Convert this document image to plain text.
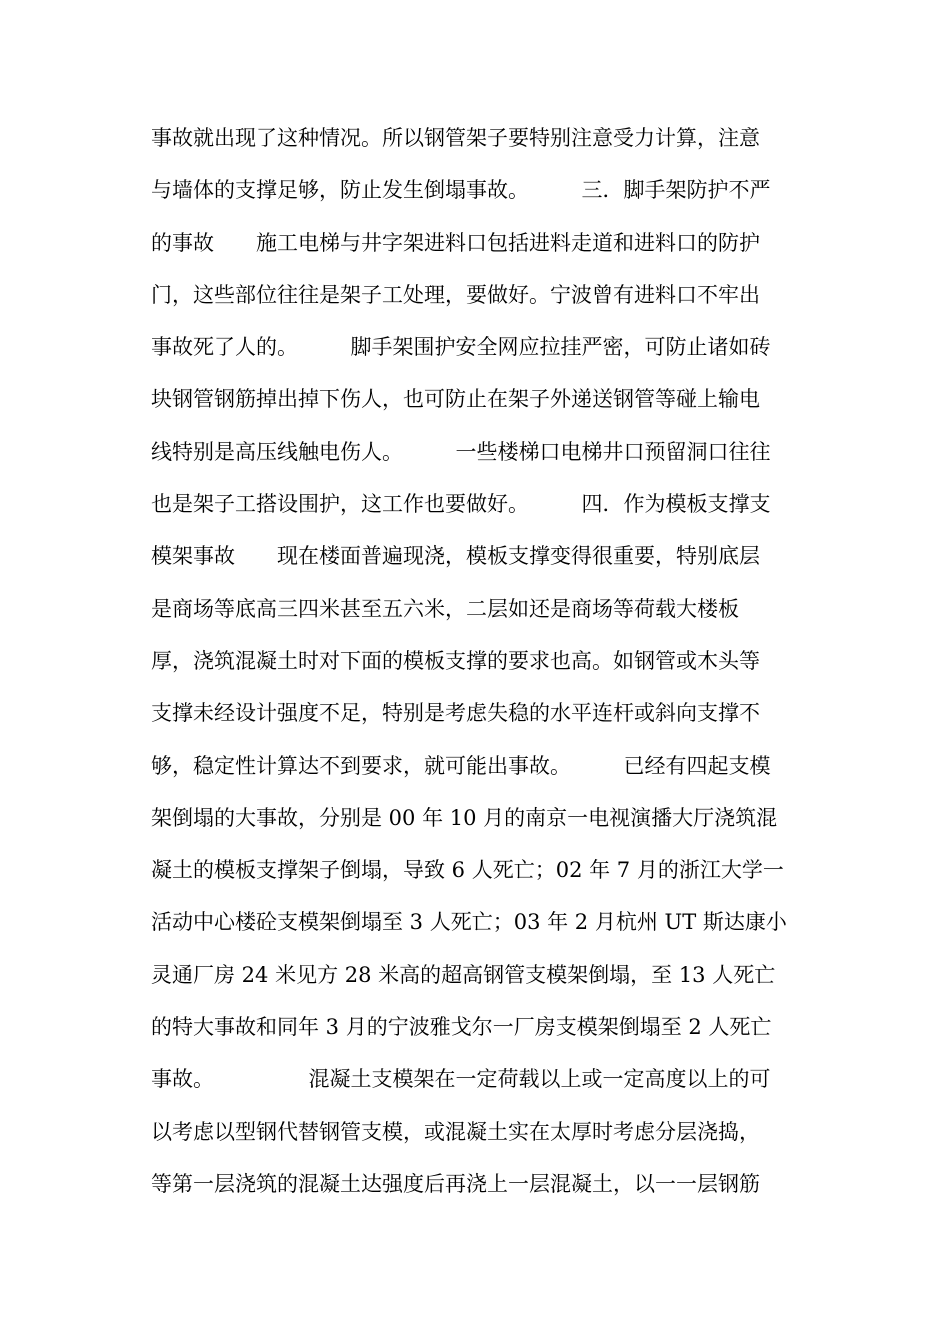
事故就出现了这种情况。所以钢管架子要特别注意受力计算，注意
与墙体的支撑足够，防止发生倒塌事故。　　　三．脚手架防护不严
的事故　　施工电梯与井字架进料口包括进料走道和进料口的防护
门，这些部位往往是架子工处理，要做好。宁波曾有进料口不牢出
事故死了人的。　　　脚手架围护安全网应拉挂严密，可防止诸如砖
块钢管钢筋掉出掉下伤人，也可防止在架子外递送钢管等碰上输电
线特别是高压线触电伤人。　　　一些楼梯口电梯井口预留洞口往往
也是架子工搭设围护，这工作也要做好。　　　四．作为模板支撑支
模架事故　　现在楼面普遍现浇，模板支撑变得很重要，特别底层
是商场等底高三四米甚至五六米，二层如还是商场等荷载大楼板
厚，浇筑混凝土时对下面的模板支撑的要求也高。如钢管或木头等
支撑未经设计强度不足，特别是考虑失稳的水平连杆或斜向支撑不
够，稳定性计算达不到要求，就可能出事故。　　　已经有四起支模
架倒塌的大事故，分别是 00 年 10 月的南京一电视演播大厅浇筑混
凝土的模板支撑架子倒塌，导致 6 人死亡；02 年 7 月的浙江大学一
活动中心楼砼支模架倒塌至 3 人死亡；03 年 2 月杭州 UT 斯达康小
灵通厂房 24 米见方 28 米高的超高钢管支模架倒塌，至 13 人死亡
的特大事故和同年 3 月的宁波雅戈尔一厂房支模架倒塌至 2 人死亡
事故。　　　　　混凝土支模架在一定荷载以上或一定高度以上的可
以考虑以型钢代替钢管支模，或混凝土实在太厚时考虑分层浇捣，
等第一层浇筑的混凝土达强度后再浇上一层混凝土，以一一层钢筋
